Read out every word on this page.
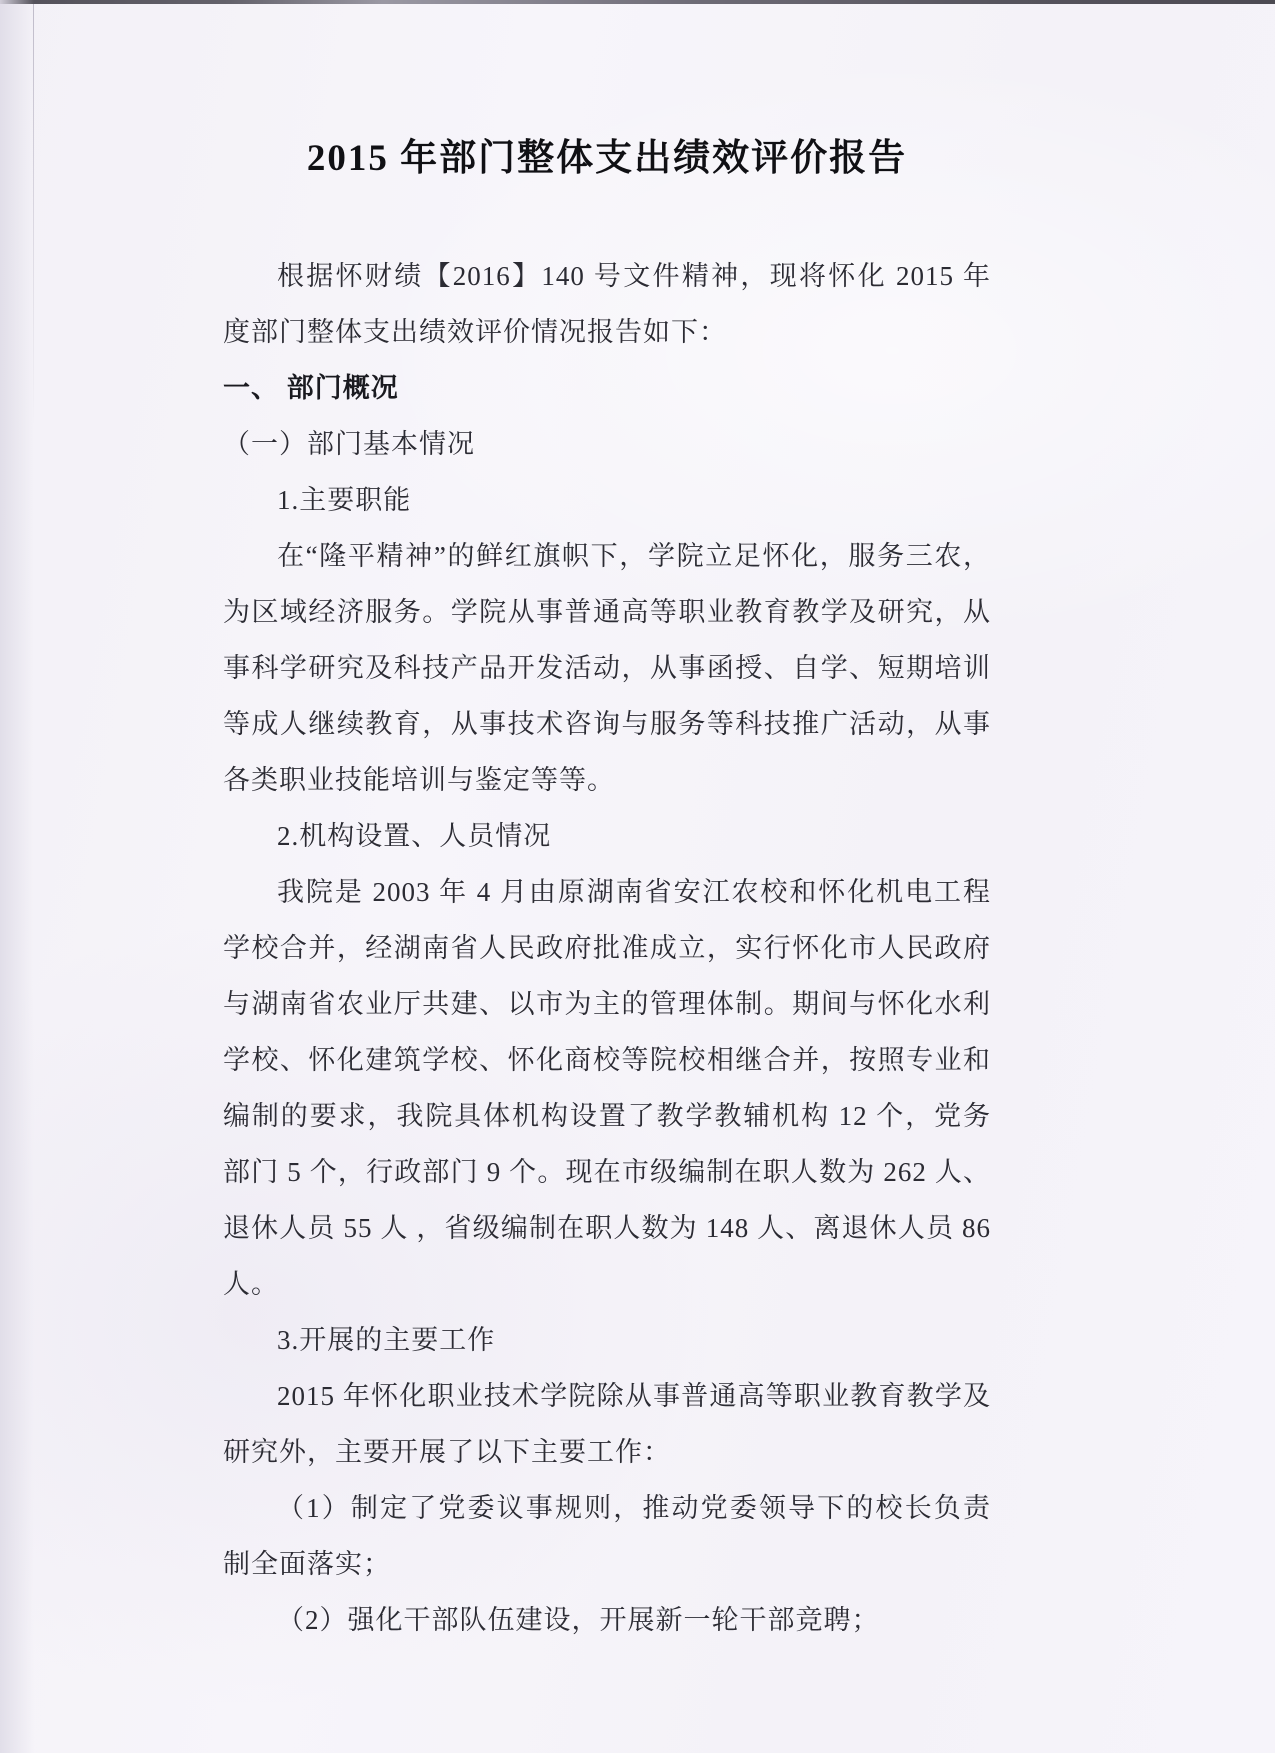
2015 年部门整体支出绩效评价报告

根据怀财绩【2016】140 号文件精神，现将怀化 2015 年度部门整体支出绩效评价情况报告如下：

一、 部门概况

（一）部门基本情况

1.主要职能

在“隆平精神”的鲜红旗帜下，学院立足怀化，服务三农，为区域经济服务。学院从事普通高等职业教育教学及研究，从事科学研究及科技产品开发活动，从事函授、自学、短期培训等成人继续教育，从事技术咨询与服务等科技推广活动，从事各类职业技能培训与鉴定等等。

2.机构设置、人员情况

我院是 2003 年 4 月由原湖南省安江农校和怀化机电工程学校合并，经湖南省人民政府批准成立，实行怀化市人民政府与湖南省农业厅共建、以市为主的管理体制。期间与怀化水利学校、怀化建筑学校、怀化商校等院校相继合并，按照专业和编制的要求，我院具体机构设置了教学教辅机构 12 个，党务部门 5 个，行政部门 9 个。现在市级编制在职人数为 262 人、退休人员 55 人 ，省级编制在职人数为 148 人、离退休人员 86 人。

3.开展的主要工作

2015 年怀化职业技术学院除从事普通高等职业教育教学及研究外，主要开展了以下主要工作：

（1）制定了党委议事规则，推动党委领导下的校长负责制全面落实；

（2）强化干部队伍建设，开展新一轮干部竞聘；
